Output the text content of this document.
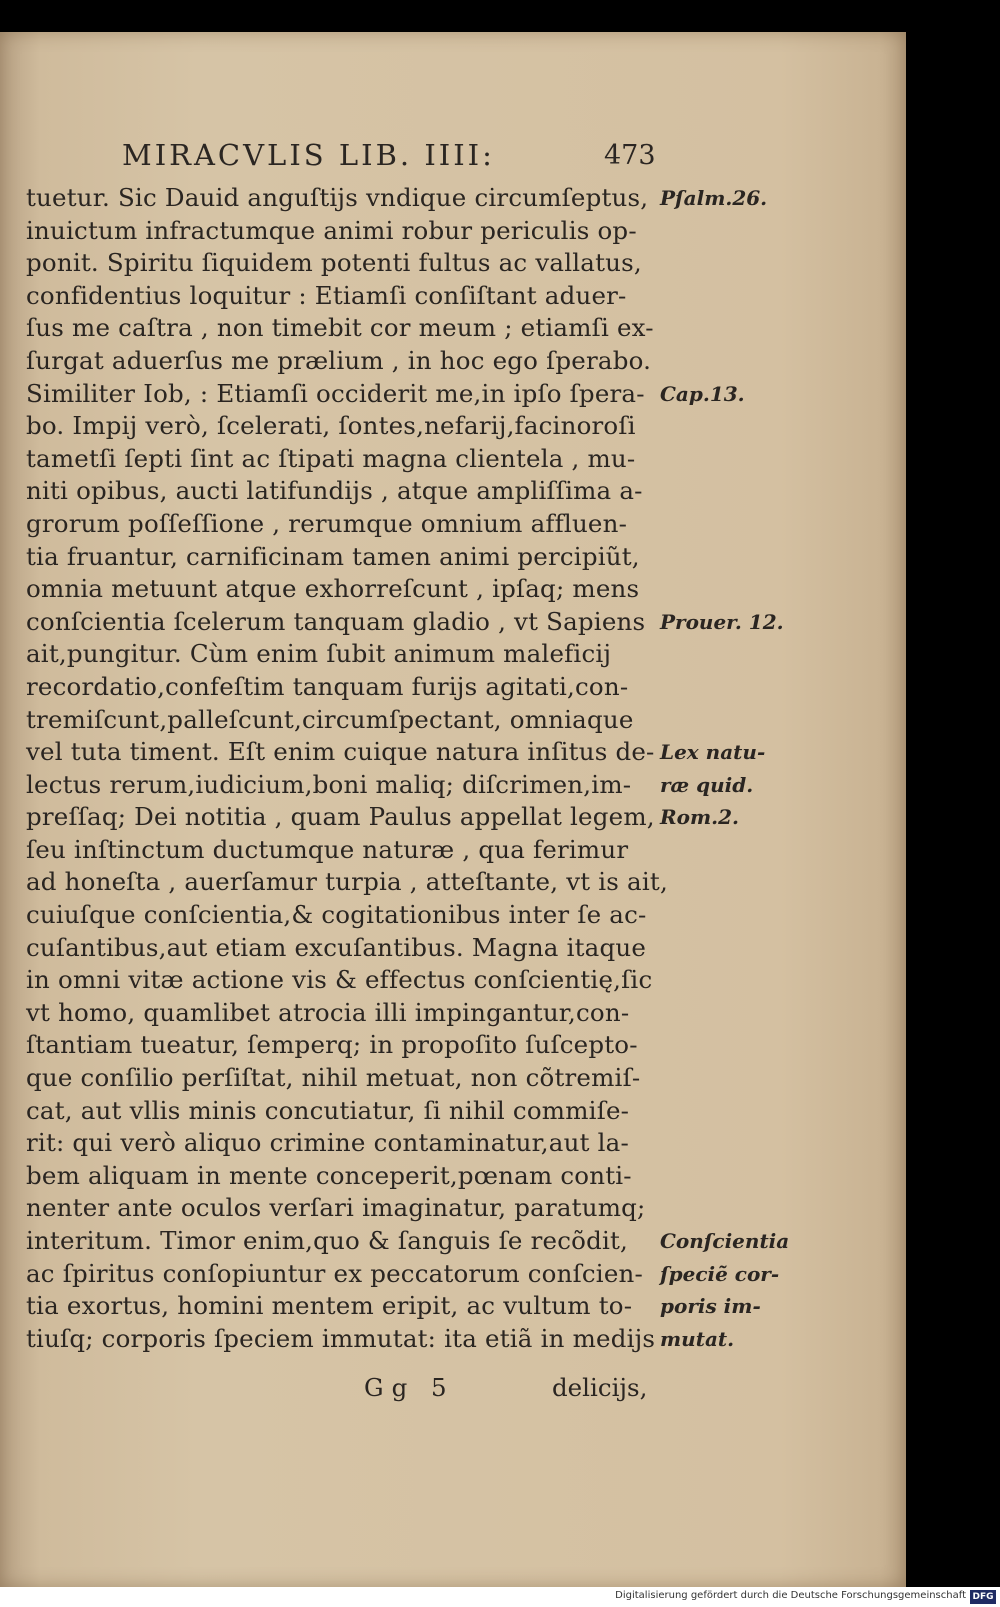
MIRACVLIS LIB. IIII:	473
tuetur. Sic Dauid anguſtijs vndique circumſeptus,
inuictum infractumque animi robur periculis op-
ponit. Spiritu ſiquidem potenti fultus ac vallatus,
confidentius loquitur : Etiamſi conſiſtant aduer-
ſus me caſtra , non timebit cor meum ; etiamſi ex-
ſurgat aduerſus me prælium , in hoc ego ſperabo.
Similiter Iob, : Etiamſi occiderit me,in ipſo ſpera-
bo. Impij verò, ſcelerati, ſontes,nefarij,facinoroſi
tametſi ſepti ſint ac ſtipati magna clientela , mu-
niti opibus, aucti latifundijs , atque ampliſſima a-
grorum poſſeſſione , rerumque omnium affluen-
tia fruantur, carnificinam tamen animi percipiũt,
omnia metuunt atque exhorreſcunt , ipſaq; mens
conſcientia ſcelerum tanquam gladio , vt Sapiens
ait,pungitur. Cùm enim ſubit animum maleficij
recordatio,confeſtim tanquam furijs agitati,con-
tremiſcunt,palleſcunt,circumſpectant, omniaque
vel tuta timent. Eſt enim cuique natura inſitus de-
lectus rerum,iudicium,boni maliq; diſcrimen,im-
preſſaq; Dei notitia , quam Paulus appellat legem,
ſeu inſtinctum ductumque naturæ , qua ferimur
ad honeſta , auerſamur turpia , atteſtante, vt is ait,
cuiuſque conſcientia,& cogitationibus inter ſe ac-
cuſantibus,aut etiam excuſantibus. Magna itaque
in omni vitæ actione vis & effectus conſcientię,ſic
vt homo, quamlibet atrocia illi impingantur,con-
ſtantiam tueatur, ſemperq; in propoſito ſuſcepto-
que conſilio perſiſtat, nihil metuat, non cõtremiſ-
cat, aut vllis minis concutiatur, ſi nihil commiſe-
rit: qui verò aliquo crimine contaminatur,aut la-
bem aliquam in mente conceperit,pœnam conti-
nenter ante oculos verſari imaginatur, paratumq;
interitum. Timor enim,quo & ſanguis ſe recõdit,
ac ſpiritus conſopiuntur ex peccatorum conſcien-
tia exortus, homini mentem eripit, ac vultum to-
tiuſq; corporis ſpeciem immutat: ita etiã in medijs
Pſalm.26.
Cap.13.
Prouer. 12.
Lex natu-
ræ quid.
Rom.2.
Conſcientia
ſpeciẽ cor-
poris im-
mutat.
Gg 5	delicijs,
Digitalisierung gefördert durch die Deutsche Forschungsgemeinschaft DFG
